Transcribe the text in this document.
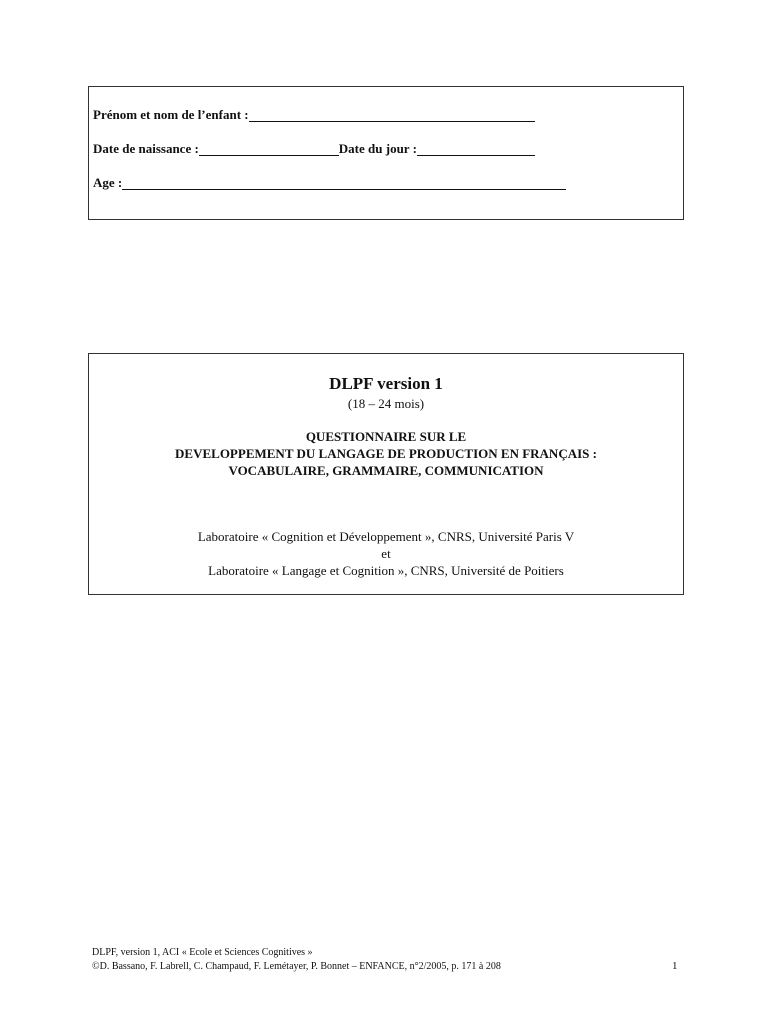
Prénom et nom de l’enfant :
Date de naissance :	Date du jour :
Age :
DLPF version 1
(18 – 24 mois)
QUESTIONNAIRE SUR LE
DEVELOPPEMENT DU LANGAGE DE PRODUCTION EN FRANÇAIS :
VOCABULAIRE, GRAMMAIRE, COMMUNICATION
Laboratoire « Cognition et Développement », CNRS, Université Paris V
et
Laboratoire « Langage et Cognition », CNRS, Université de Poitiers
DLPF, version 1, ACI « Ecole et Sciences Cognitives »
©D. Bassano, F. Labrell, C. Champaud, F. Lemétayer, P. Bonnet – ENFANCE, n°2/2005, p. 171 à 208	1
